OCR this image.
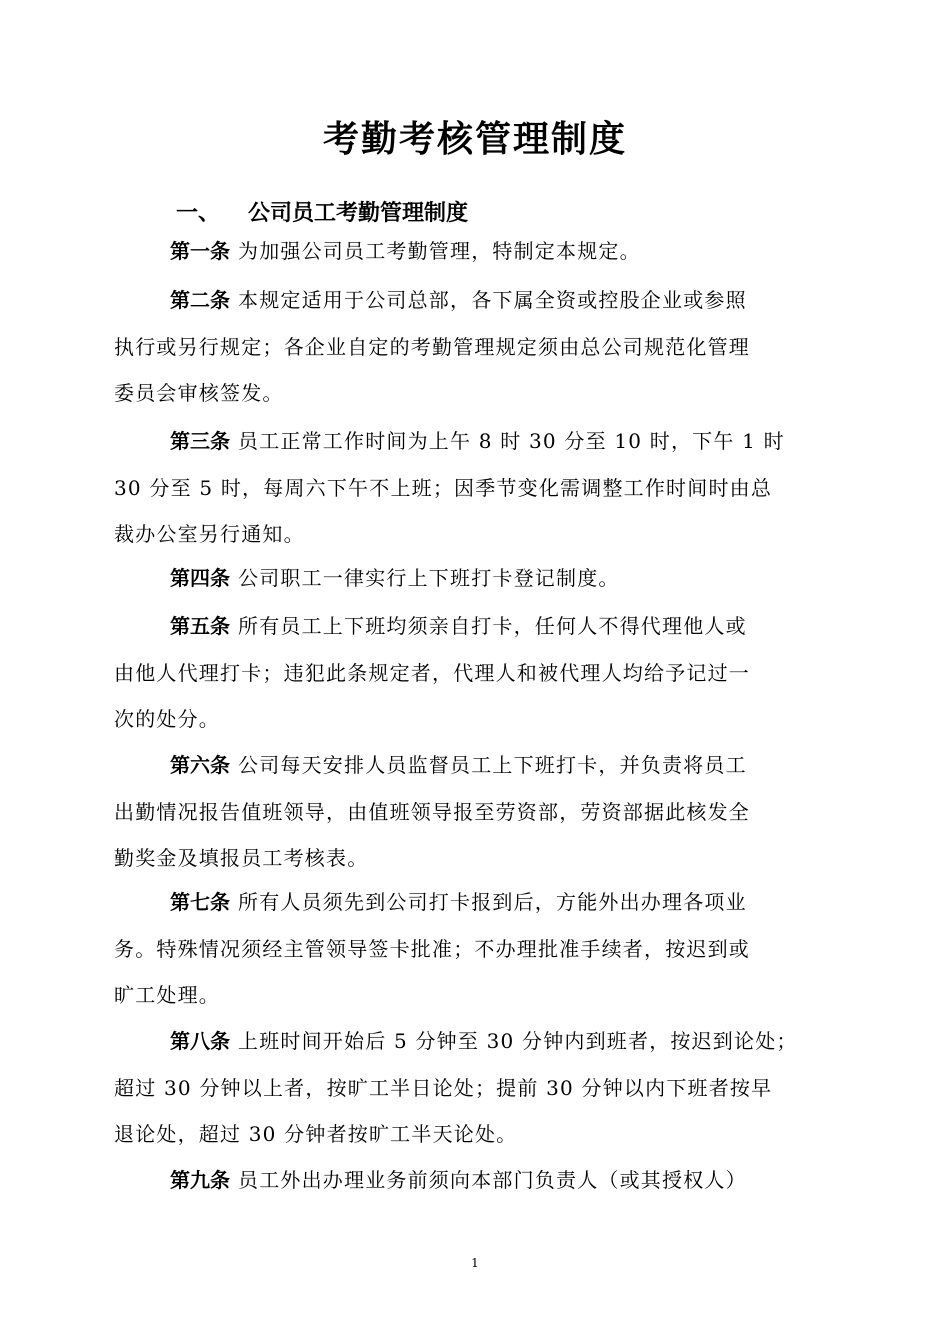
考勤考核管理制度
一、 公司员工考勤管理制度

第一条 为加强公司员工考勤管理，特制定本规定。

第二条 本规定适用于公司总部，各下属全资或控股企业或参照
执行或另行规定；各企业自定的考勤管理规定须由总公司规范化管理
委员会审核签发。

第三条 员工正常工作时间为上午 8 时 30 分至 10 时，下午 1 时
30 分至 5 时，每周六下午不上班；因季节变化需调整工作时间时由总
裁办公室另行通知。

第四条 公司职工一律实行上下班打卡登记制度。

第五条 所有员工上下班均须亲自打卡，任何人不得代理他人或
由他人代理打卡；违犯此条规定者，代理人和被代理人均给予记过一
次的处分。

第六条 公司每天安排人员监督员工上下班打卡，并负责将员工
出勤情况报告值班领导，由值班领导报至劳资部，劳资部据此核发全
勤奖金及填报员工考核表。

第七条 所有人员须先到公司打卡报到后，方能外出办理各项业
务。特殊情况须经主管领导签卡批准；不办理批准手续者，按迟到或
旷工处理。

第八条 上班时间开始后 5 分钟至 30 分钟内到班者，按迟到论处；
超过 30 分钟以上者，按旷工半日论处；提前 30 分钟以内下班者按早
退论处，超过 30 分钟者按旷工半天论处。

第九条 员工外出办理业务前须向本部门负责人（或其授权人）

1
